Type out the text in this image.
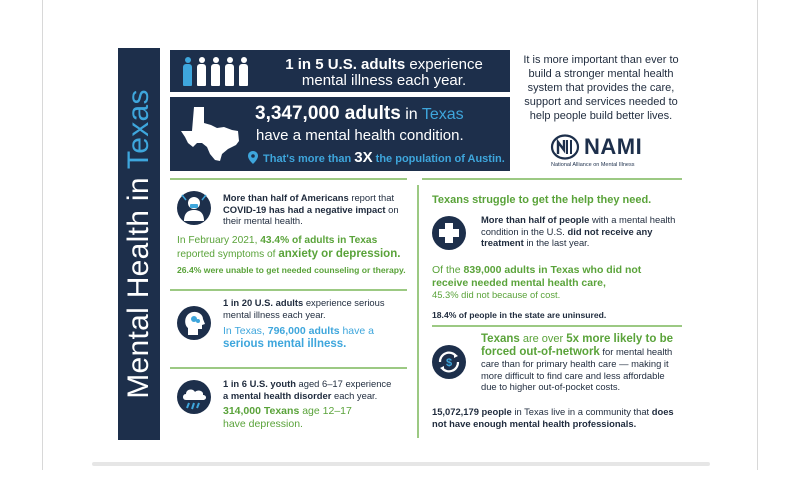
Mental Health in Texas
1 in 5 U.S. adults experience
mental illness each year.
3,347,000 adults in Texas
have a mental health condition.
That's more than 3X the population of Austin.
It is more important than ever to build a stronger mental health system that provides the care, support and services needed to help people build better lives.
NAMI
National Alliance on Mental Illness
More than half of Americans report that COVID-19 has had a negative impact on their mental health.
In February 2021, 43.4% of adults in Texas reported symptoms of anxiety or depression.
26.4% were unable to get needed counseling or therapy.
1 in 20 U.S. adults experience serious mental illness each year.
In Texas, 796,000 adults have a
serious mental illness.
1 in 6 U.S. youth aged 6–17 experience
a mental health disorder each year.
314,000 Texans age 12–17
have depression.
Texans struggle to get the help they need.
More than half of people with a mental health condition in the U.S. did not receive any treatment in the last year.
Of the 839,000 adults in Texas who did not receive needed mental health care,
45.3% did not because of cost.
18.4% of people in the state are uninsured.
$
Texans are over 5x more likely to be forced out-of-network for mental health care than for primary health care — making it more difficult to find care and less affordable due to higher out-of-pocket costs.
15,072,179 people in Texas live in a community that does not have enough mental health professionals.
